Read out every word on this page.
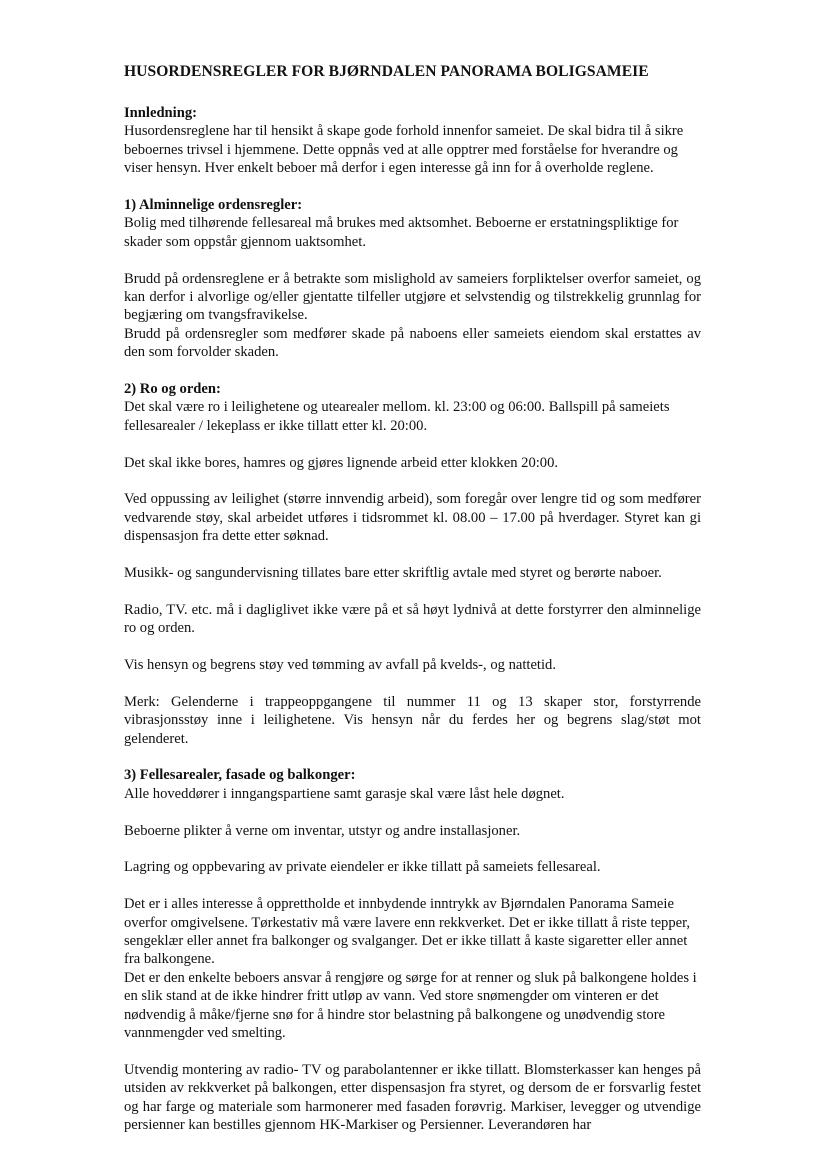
HUSORDENSREGLER FOR BJØRNDALEN PANORAMA BOLIGSAMEIE

Innledning:

Husordensreglene har til hensikt å skape gode forhold innenfor sameiet. De skal bidra til å sikre beboernes trivsel i hjemmene. Dette oppnås ved at alle opptrer med forståelse for hverandre og viser hensyn. Hver enkelt beboer må derfor i egen interesse gå inn for å overholde reglene.

1) Alminnelige ordensregler:

Bolig med tilhørende fellesareal må brukes med aktsomhet. Beboerne er erstatningspliktige for skader som oppstår gjennom uaktsomhet.

Brudd på ordensreglene er å betrakte som mislighold av sameiers forpliktelser overfor sameiet, og kan derfor i alvorlige og/eller gjentatte tilfeller utgjøre et selvstendig og tilstrekkelig grunnlag for begjæring om tvangsfravikelse.

Brudd på ordensregler som medfører skade på naboens eller sameiets eiendom skal erstattes av den som forvolder skaden.

2) Ro og orden:

Det skal være ro i leilighetene og utearealer mellom. kl. 23:00 og 06:00. Ballspill på sameiets fellesarealer / lekeplass er ikke tillatt etter kl. 20:00.

Det skal ikke bores, hamres og gjøres lignende arbeid etter klokken 20:00.

Ved oppussing av leilighet (større innvendig arbeid), som foregår over lengre tid og som medfører vedvarende støy, skal arbeidet utføres i tidsrommet kl. 08.00 – 17.00 på hverdager. Styret kan gi dispensasjon fra dette etter søknad.

Musikk- og sangundervisning tillates bare etter skriftlig avtale med styret og berørte naboer.

Radio, TV. etc. må i dagliglivet ikke være på et så høyt lydnivå at dette forstyrrer den alminnelige ro og orden.

Vis hensyn og begrens støy ved tømming av avfall på kvelds-, og nattetid.

Merk: Gelenderne i trappeoppgangene til nummer 11 og 13 skaper stor, forstyrrende vibrasjonsstøy inne i leilighetene. Vis hensyn når du ferdes her og begrens slag/støt mot gelenderet.

3) Fellesarealer, fasade og balkonger:

Alle hoveddører i inngangspartiene samt garasje skal være låst hele døgnet.

Beboerne plikter å verne om inventar, utstyr og andre installasjoner.

Lagring og oppbevaring av private eiendeler er ikke tillatt på sameiets fellesareal.

Det er i alles interesse å opprettholde et innbydende inntrykk av Bjørndalen Panorama Sameie overfor omgivelsene. Tørkestativ må være lavere enn rekkverket. Det er ikke tillatt å riste tepper, sengeklær eller annet fra balkonger og svalganger. Det er ikke tillatt å kaste sigaretter eller annet fra balkongene.

Det er den enkelte beboers ansvar å rengjøre og sørge for at renner og sluk på balkongene holdes i en slik stand at de ikke hindrer fritt utløp av vann. Ved store snømengder om vinteren er det nødvendig å måke/fjerne snø for å hindre stor belastning på balkongene og unødvendig store vannmengder ved smelting.

Utvendig montering av radio- TV og parabolantenner er ikke tillatt. Blomsterkasser kan henges på utsiden av rekkverket på balkongen, etter dispensasjon fra styret, og dersom de er forsvarlig festet og har farge og materiale som harmonerer med fasaden forøvrig. Markiser, levegger og utvendige persienner kan bestilles gjennom HK-Markiser og Persienner. Leverandøren har
